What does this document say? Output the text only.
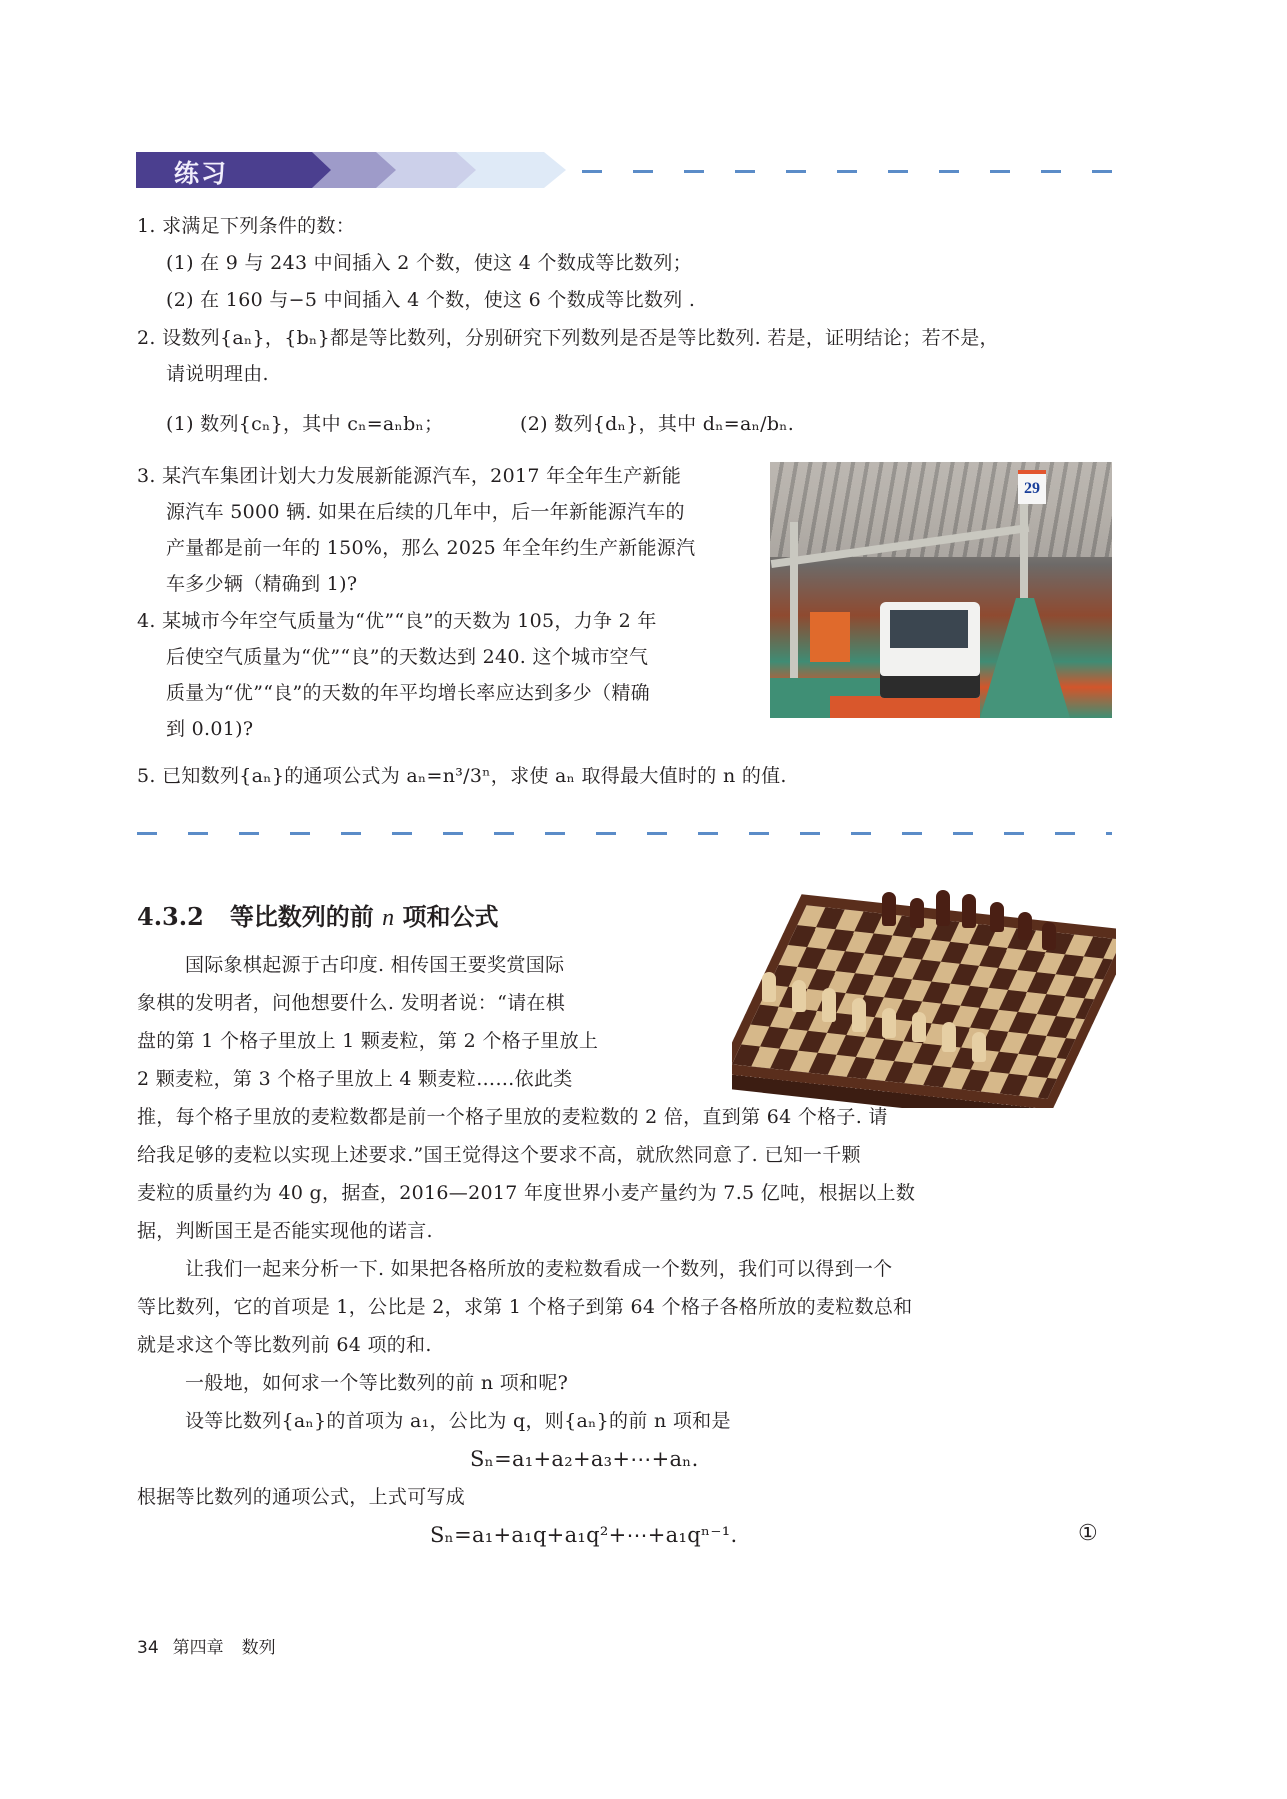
练习
1. 求满足下列条件的数：
(1) 在 9 与 243 中间插入 2 个数，使这 4 个数成等比数列；
(2) 在 160 与−5 中间插入 4 个数，使这 6 个数成等比数列 .
2. 设数列{aₙ}，{bₙ}都是等比数列，分别研究下列数列是否是等比数列. 若是，证明结论；若不是，
请说明理由.
(1) 数列{cₙ}，其中 cₙ=aₙbₙ；	(2) 数列{dₙ}，其中 dₙ=aₙ/bₙ.
3. 某汽车集团计划大力发展新能源汽车，2017 年全年生产新能
源汽车 5000 辆. 如果在后续的几年中，后一年新能源汽车的
产量都是前一年的 150%，那么 2025 年全年约生产新能源汽
车多少辆（精确到 1)?
4. 某城市今年空气质量为“优”“良”的天数为 105，力争 2 年
后使空气质量为“优”“良”的天数达到 240. 这个城市空气
质量为“优”“良”的天数的年平均增长率应达到多少（精确
到 0.01)?
29
5. 已知数列{aₙ}的通项公式为 aₙ=n³/3ⁿ，求使 aₙ 取得最大值时的 n 的值.
4.3.2 等比数列的前 n 项和公式
国际象棋起源于古印度. 相传国王要奖赏国际
象棋的发明者，问他想要什么. 发明者说：“请在棋
盘的第 1 个格子里放上 1 颗麦粒，第 2 个格子里放上
2 颗麦粒，第 3 个格子里放上 4 颗麦粒……依此类
推，每个格子里放的麦粒数都是前一个格子里放的麦粒数的 2 倍，直到第 64 个格子. 请
给我足够的麦粒以实现上述要求.”国王觉得这个要求不高，就欣然同意了. 已知一千颗
麦粒的质量约为 40 g，据查，2016—2017 年度世界小麦产量约为 7.5 亿吨，根据以上数
据，判断国王是否能实现他的诺言.
让我们一起来分析一下. 如果把各格所放的麦粒数看成一个数列，我们可以得到一个
等比数列，它的首项是 1，公比是 2，求第 1 个格子到第 64 个格子各格所放的麦粒数总和
就是求这个等比数列前 64 项的和.
一般地，如何求一个等比数列的前 n 项和呢?
设等比数列{aₙ}的首项为 a₁，公比为 q，则{aₙ}的前 n 项和是
Sₙ=a₁+a₂+a₃+⋯+aₙ.
根据等比数列的通项公式，上式可写成
Sₙ=a₁+a₁q+a₁q²+⋯+a₁qⁿ⁻¹.	①
34 第四章 数列
